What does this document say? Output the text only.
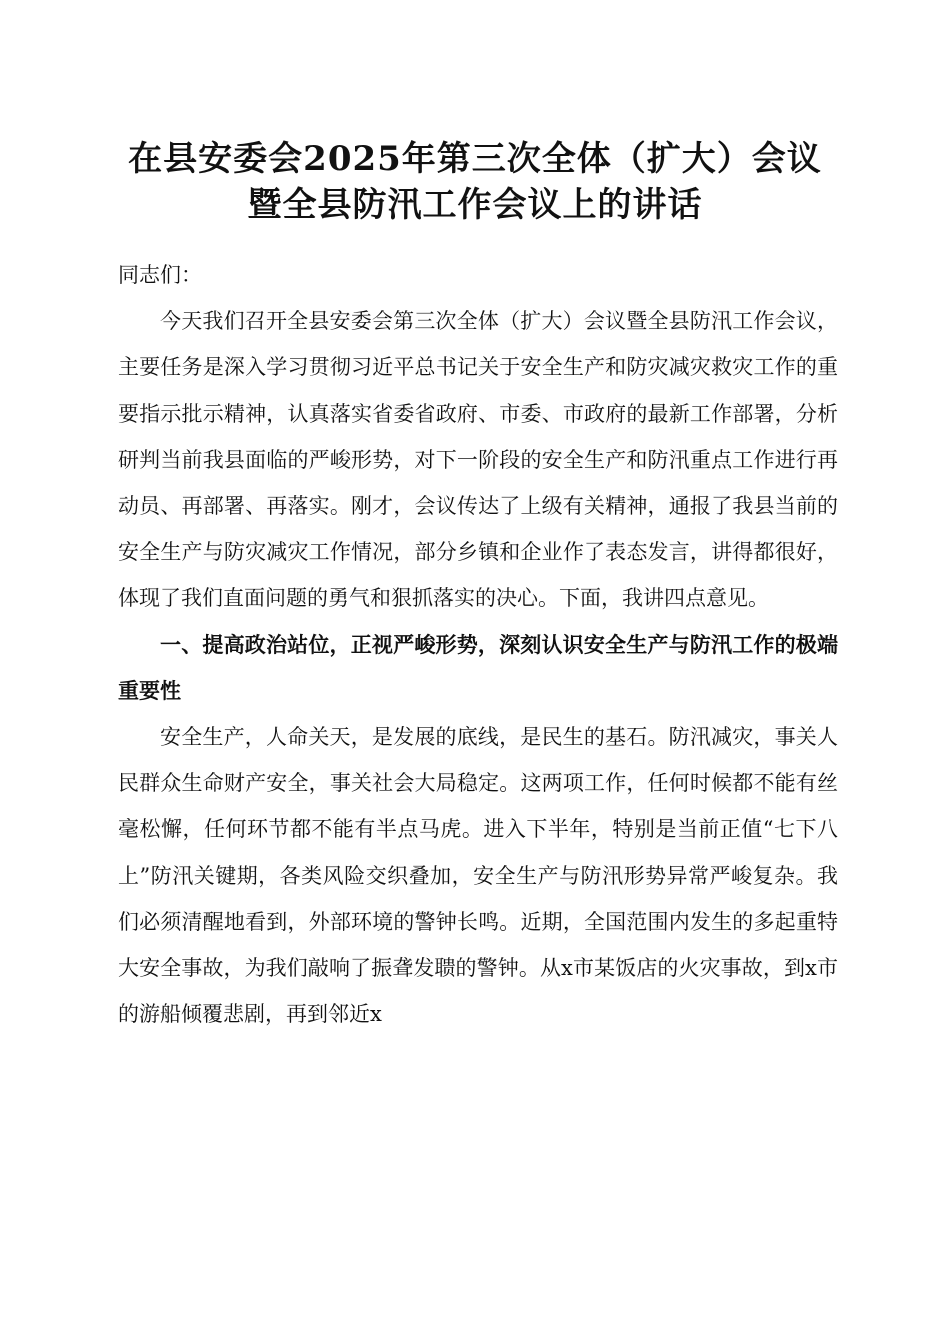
在县安委会2025年第三次全体（扩大）会议
暨全县防汛工作会议上的讲话

同志们：

今天我们召开全县安委会第三次全体（扩大）会议暨全县防汛工作会议，主要任务是深入学习贯彻习近平总书记关于安全生产和防灾减灾救灾工作的重要指示批示精神，认真落实省委省政府、市委、市政府的最新工作部署，分析研判当前我县面临的严峻形势，对下一阶段的安全生产和防汛重点工作进行再动员、再部署、再落实。刚才，会议传达了上级有关精神，通报了我县当前的安全生产与防灾减灾工作情况，部分乡镇和企业作了表态发言，讲得都很好，体现了我们直面问题的勇气和狠抓落实的决心。下面，我讲四点意见。

一、提高政治站位，正视严峻形势，深刻认识安全生产与防汛工作的极端重要性

安全生产，人命关天，是发展的底线，是民生的基石。防汛减灾，事关人民群众生命财产安全，事关社会大局稳定。这两项工作，任何时候都不能有丝毫松懈，任何环节都不能有半点马虎。进入下半年，特别是当前正值“七下八上”防汛关键期，各类风险交织叠加，安全生产与防汛形势异常严峻复杂。我们必须清醒地看到，外部环境的警钟长鸣。近期，全国范围内发生的多起重特大安全事故，为我们敲响了振聋发聩的警钟。从x市某饭店的火灾事故，到x市的游船倾覆悲剧，再到邻近x
